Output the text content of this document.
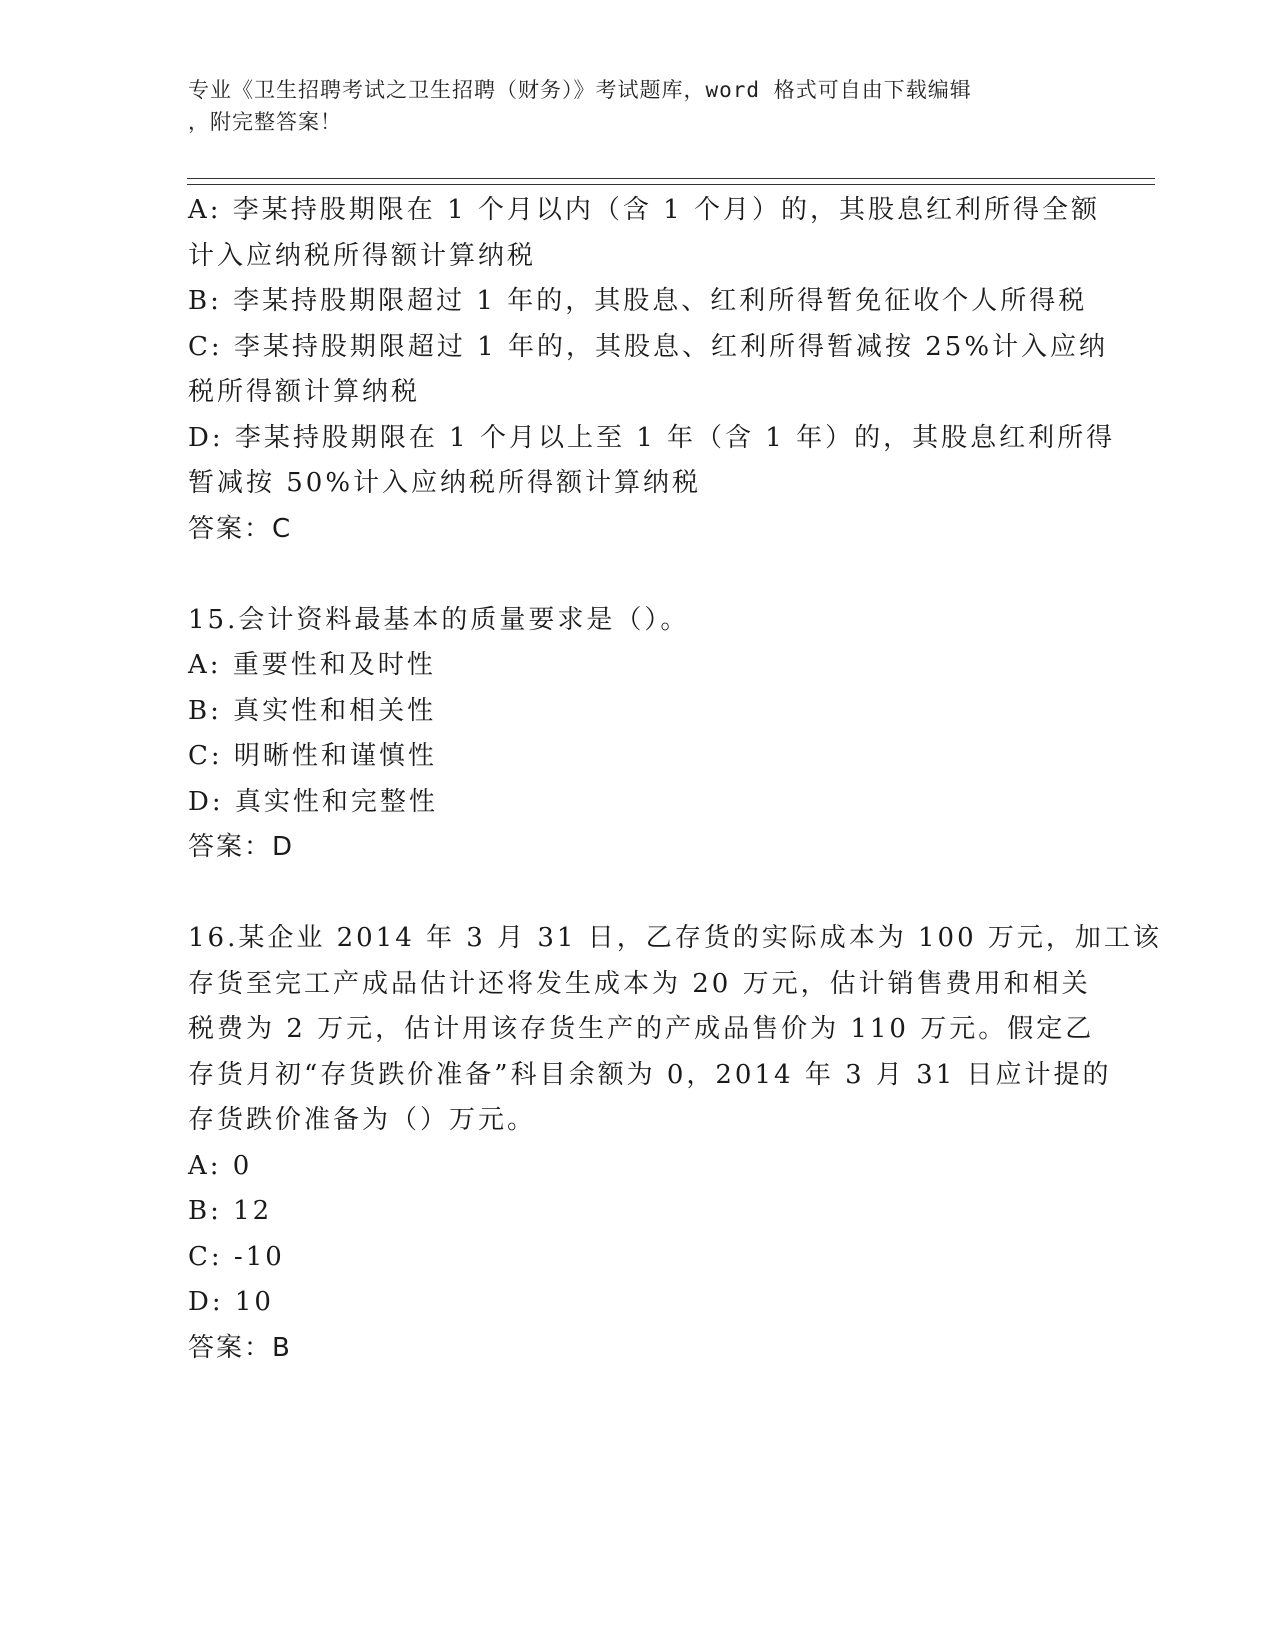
专业《卫生招聘考试之卫生招聘（财务）》考试题库，word 格式可自由下载编辑
，附完整答案！
A: 李某持股期限在 1 个月以内（含 1 个月）的，其股息红利所得全额
计入应纳税所得额计算纳税
B: 李某持股期限超过 1 年的，其股息、红利所得暂免征收个人所得税
C: 李某持股期限超过 1 年的，其股息、红利所得暂减按 25%计入应纳
税所得额计算纳税
D: 李某持股期限在 1 个月以上至 1 年（含 1 年）的，其股息红利所得
暂减按 50%计入应纳税所得额计算纳税
答案：C
15.会计资料最基本的质量要求是（）。
A: 重要性和及时性
B: 真实性和相关性
C: 明晰性和谨慎性
D: 真实性和完整性
答案：D
16.某企业 2014 年 3 月 31 日，乙存货的实际成本为 100 万元，加工该
存货至完工产成品估计还将发生成本为 20 万元，估计销售费用和相关
税费为 2 万元，估计用该存货生产的产成品售价为 110 万元。假定乙
存货月初“存货跌价准备”科目余额为 0，2014 年 3 月 31 日应计提的
存货跌价准备为（）万元。
A: 0
B: 12
C: -10
D: 10
答案：B
